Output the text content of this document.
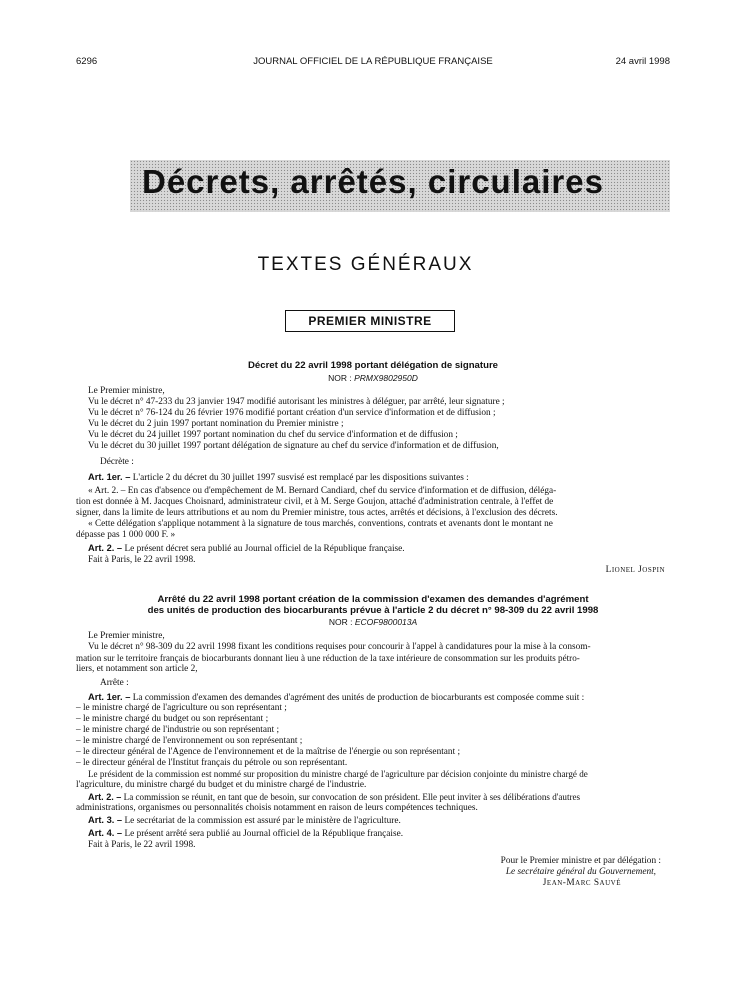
6296	JOURNAL OFFICIEL DE LA RÉPUBLIQUE FRANÇAISE	24 avril 1998
Décrets, arrêtés, circulaires
TEXTES GÉNÉRAUX
PREMIER MINISTRE
Décret du 22 avril 1998 portant délégation de signature
NOR : PRMX9802950D
Le Premier ministre,
Vu le décret n° 47-233 du 23 janvier 1947 modifié autorisant les ministres à déléguer, par arrêté, leur signature ;
Vu le décret n° 76-124 du 26 février 1976 modifié portant création d'un service d'information et de diffusion ;
Vu le décret du 2 juin 1997 portant nomination du Premier ministre ;
Vu le décret du 24 juillet 1997 portant nomination du chef du service d'information et de diffusion ;
Vu le décret du 30 juillet 1997 portant délégation de signature au chef du service d'information et de diffusion,
Décrète :
Art. 1er. – L'article 2 du décret du 30 juillet 1997 susvisé est remplacé par les dispositions suivantes :
« Art. 2. – En cas d'absence ou d'empêchement de M. Bernard Candiard, chef du service d'information et de diffusion, déléga-
tion est donnée à M. Jacques Choisnard, administrateur civil, et à M. Serge Goujon, attaché d'administration centrale, à l'effet de
signer, dans la limite de leurs attributions et au nom du Premier ministre, tous actes, arrêtés et décisions, à l'exclusion des décrets.
« Cette délégation s'applique notamment à la signature de tous marchés, conventions, contrats et avenants dont le montant ne
dépasse pas 1 000 000 F. »
Art. 2. – Le présent décret sera publié au Journal officiel de la République française.
Fait à Paris, le 22 avril 1998.
Lionel Jospin
Arrêté du 22 avril 1998 portant création de la commission d'examen des demandes d'agrément
des unités de production des biocarburants prévue à l'article 2 du décret n° 98-309 du 22 avril 1998
NOR : ECOF9800013A
Le Premier ministre,
Vu le décret n° 98-309 du 22 avril 1998 fixant les conditions requises pour concourir à l'appel à candidatures pour la mise à la consom-
mation sur le territoire français de biocarburants donnant lieu à une réduction de la taxe intérieure de consommation sur les produits pétro-
liers, et notamment son article 2,
Arrête :
Art. 1er. – La commission d'examen des demandes d'agrément des unités de production de biocarburants est composée comme suit :
– le ministre chargé de l'agriculture ou son représentant ;
– le ministre chargé du budget ou son représentant ;
– le ministre chargé de l'industrie ou son représentant ;
– le ministre chargé de l'environnement ou son représentant ;
– le directeur général de l'Agence de l'environnement et de la maîtrise de l'énergie ou son représentant ;
– le directeur général de l'Institut français du pétrole ou son représentant.
Le président de la commission est nommé sur proposition du ministre chargé de l'agriculture par décision conjointe du ministre chargé de
l'agriculture, du ministre chargé du budget et du ministre chargé de l'industrie.
Art. 2. – La commission se réunit, en tant que de besoin, sur convocation de son président. Elle peut inviter à ses délibérations d'autres
administrations, organismes ou personnalités choisis notamment en raison de leurs compétences techniques.
Art. 3. – Le secrétariat de la commission est assuré par le ministère de l'agriculture.
Art. 4. – Le présent arrêté sera publié au Journal officiel de la République française.
Fait à Paris, le 22 avril 1998.
Pour le Premier ministre et par délégation :
Le secrétaire général du Gouvernement,
Jean-Marc Sauvé
